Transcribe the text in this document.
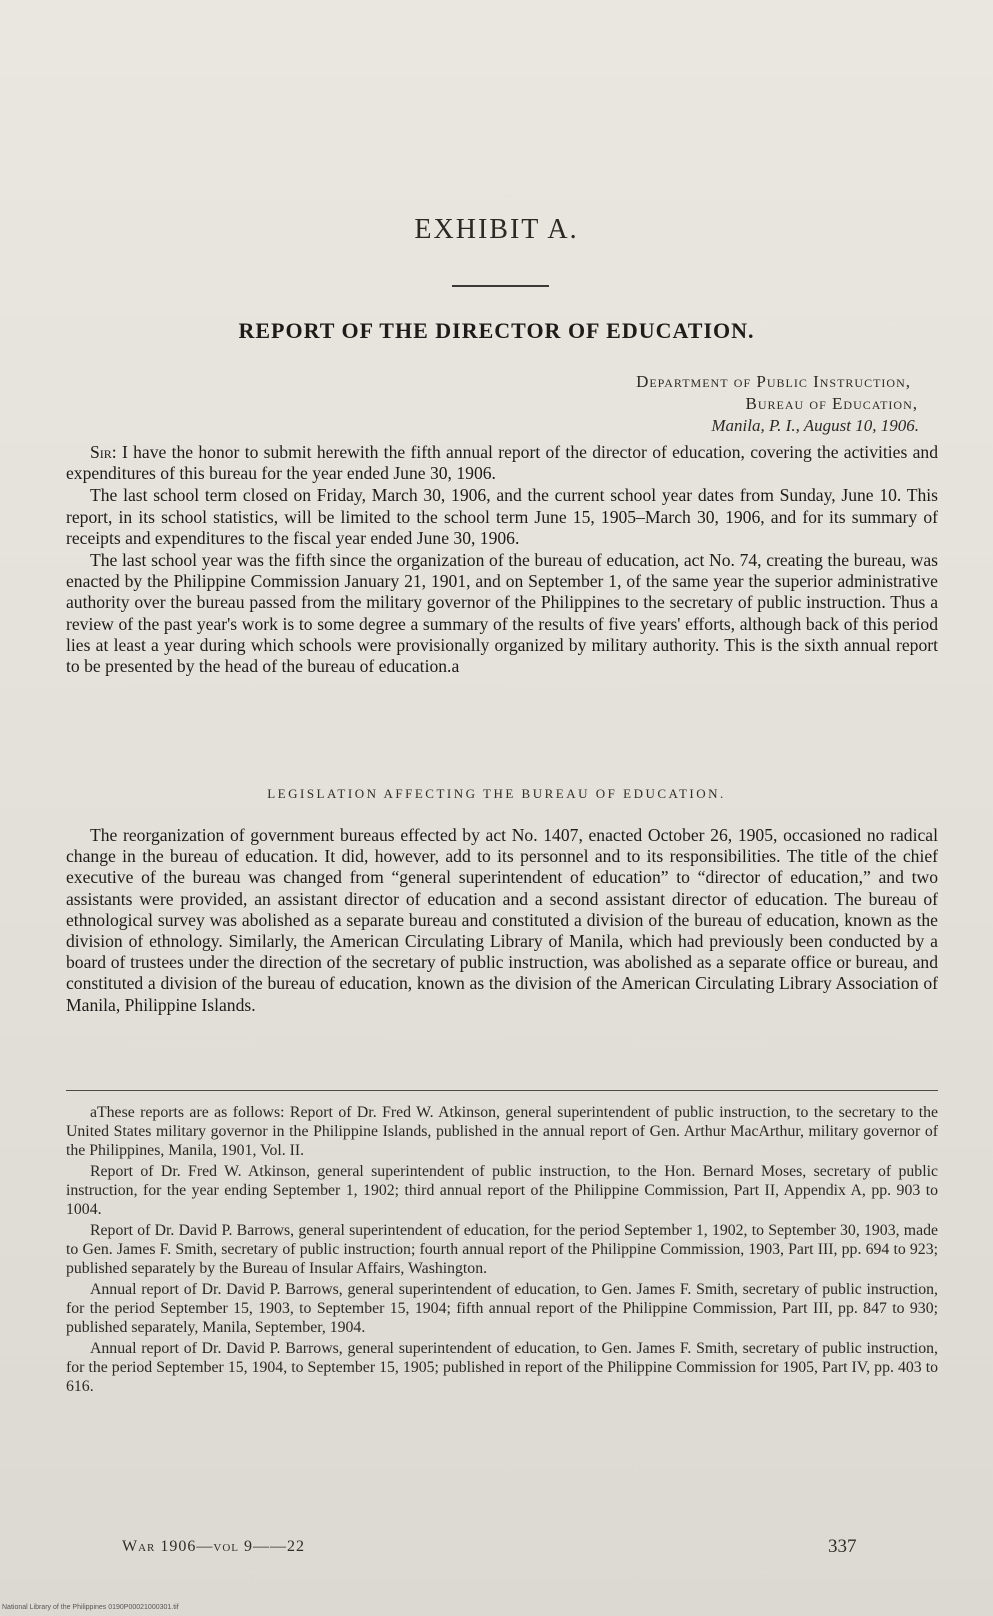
EXHIBIT A.
REPORT OF THE DIRECTOR OF EDUCATION.
Department of Public Instruction,
Bureau of Education,
Manila, P. I., August 10, 1906.

Sir: I have the honor to submit herewith the fifth annual report of the director of education, covering the activities and expenditures of this bureau for the year ended June 30, 1906.

The last school term closed on Friday, March 30, 1906, and the current school year dates from Sunday, June 10. This report, in its school statistics, will be limited to the school term June 15, 1905–March 30, 1906, and for its summary of receipts and expenditures to the fiscal year ended June 30, 1906.

The last school year was the fifth since the organization of the bureau of education, act No. 74, creating the bureau, was enacted by the Philippine Commission January 21, 1901, and on September 1, of the same year the superior administrative authority over the bureau passed from the military governor of the Philippines to the secretary of public instruction. Thus a review of the past year's work is to some degree a summary of the results of five years' efforts, although back of this period lies at least a year during which schools were provisionally organized by military authority. This is the sixth annual report to be presented by the head of the bureau of education.a

LEGISLATION AFFECTING THE BUREAU OF EDUCATION.

The reorganization of government bureaus effected by act No. 1407, enacted October 26, 1905, occasioned no radical change in the bureau of education. It did, however, add to its personnel and to its responsibilities. The title of the chief executive of the bureau was changed from “general superintendent of education” to “director of education,” and two assistants were provided, an assistant director of education and a second assistant director of education. The bureau of ethnological survey was abolished as a separate bureau and constituted a division of the bureau of education, known as the division of ethnology. Similarly, the American Circulating Library of Manila, which had previously been conducted by a board of trustees under the direction of the secretary of public instruction, was abolished as a separate office or bureau, and constituted a division of the bureau of education, known as the division of the American Circulating Library Association of Manila, Philippine Islands.

aThese reports are as follows: Report of Dr. Fred W. Atkinson, general superintendent of public instruction, to the secretary to the United States military governor in the Philippine Islands, published in the annual report of Gen. Arthur MacArthur, military governor of the Philippines, Manila, 1901, Vol. II.

Report of Dr. Fred W. Atkinson, general superintendent of public instruction, to the Hon. Bernard Moses, secretary of public instruction, for the year ending September 1, 1902; third annual report of the Philippine Commission, Part II, Appendix A, pp. 903 to 1004.

Report of Dr. David P. Barrows, general superintendent of education, for the period September 1, 1902, to September 30, 1903, made to Gen. James F. Smith, secretary of public instruction; fourth annual report of the Philippine Commission, 1903, Part III, pp. 694 to 923; published separately by the Bureau of Insular Affairs, Washington.

Annual report of Dr. David P. Barrows, general superintendent of education, to Gen. James F. Smith, secretary of public instruction, for the period September 15, 1903, to September 15, 1904; fifth annual report of the Philippine Commission, Part III, pp. 847 to 930; published separately, Manila, September, 1904.

Annual report of Dr. David P. Barrows, general superintendent of education, to Gen. James F. Smith, secretary of public instruction, for the period September 15, 1904, to September 15, 1905; published in report of the Philippine Commission for 1905, Part IV, pp. 403 to 616.

War 1906—vol 9——22	337
National Library of the Philippines 0190P00021000301.tif
